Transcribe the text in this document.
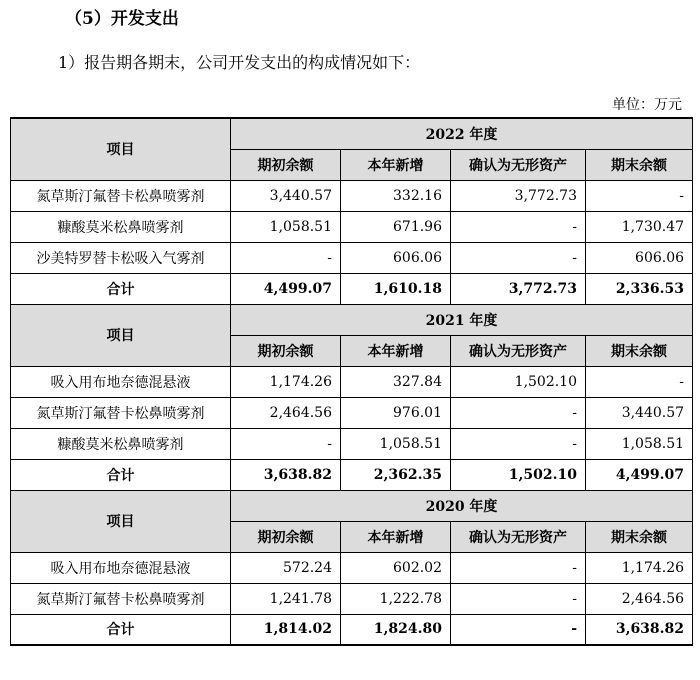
（5）开发支出
1）报告期各期末，公司开发支出的构成情况如下：
单位：万元
项目	2022 年度			
	期初余额	本年新增	确认为无形资产	期末余额
氮草斯汀氟替卡松鼻喷雾剂	3,440.57	332.16	3,772.73	-
糠酸莫米松鼻喷雾剂	1,058.51	671.96	-	1,730.47
沙美特罗替卡松吸入气雾剂	-	606.06	-	606.06
合计	4,499.07	1,610.18	3,772.73	2,336.53
项目	2021 年度			
	期初余额	本年新增	确认为无形资产	期末余额
吸入用布地奈德混悬液	1,174.26	327.84	1,502.10	-
氮草斯汀氟替卡松鼻喷雾剂	2,464.56	976.01	-	3,440.57
糠酸莫米松鼻喷雾剂	-	1,058.51	-	1,058.51
合计	3,638.82	2,362.35	1,502.10	4,499.07
项目	2020 年度			
	期初余额	本年新增	确认为无形资产	期末余额
吸入用布地奈德混悬液	572.24	602.02	-	1,174.26
氮草斯汀氟替卡松鼻喷雾剂	1,241.78	1,222.78	-	2,464.56
合计	1,814.02	1,824.80	-	3,638.82
